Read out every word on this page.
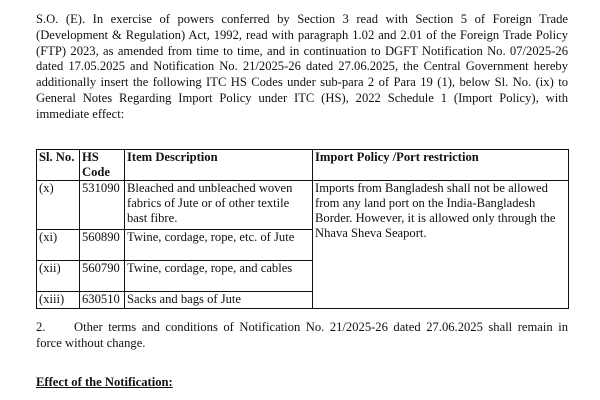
S.O. (E). In exercise of powers conferred by Section 3 read with Section 5 of Foreign Trade (Development & Regulation) Act, 1992, read with paragraph 1.02 and 2.01 of the Foreign Trade Policy (FTP) 2023, as amended from time to time, and in continuation to DGFT Notification No. 07/2025-26 dated 17.05.2025 and Notification No. 21/2025-26 dated 27.06.2025, the Central Government hereby additionally insert the following ITC HS Codes under sub-para 2 of Para 19 (1), below Sl. No. (ix) to General Notes Regarding Import Policy under ITC (HS), 2022 Schedule 1 (Import Policy), with immediate effect:

Sl. No.	HS Code	Item Description	Import Policy /Port restriction
(x)	531090	Bleached and unbleached woven fabrics of Jute or of other textile bast fibre.	Imports from Bangladesh shall not be allowed from any land port on the India-Bangladesh Border. However, it is allowed only through the Nhava Sheva Seaport.
(xi)	560890	Twine, cordage, rope, etc. of Jute	
(xii)	560790	Twine, cordage, rope, and cables	
(xiii)	630510	Sacks and bags of Jute	

2. Other terms and conditions of Notification No. 21/2025-26 dated 27.06.2025 shall remain in force without change.

Effect of the Notification:
